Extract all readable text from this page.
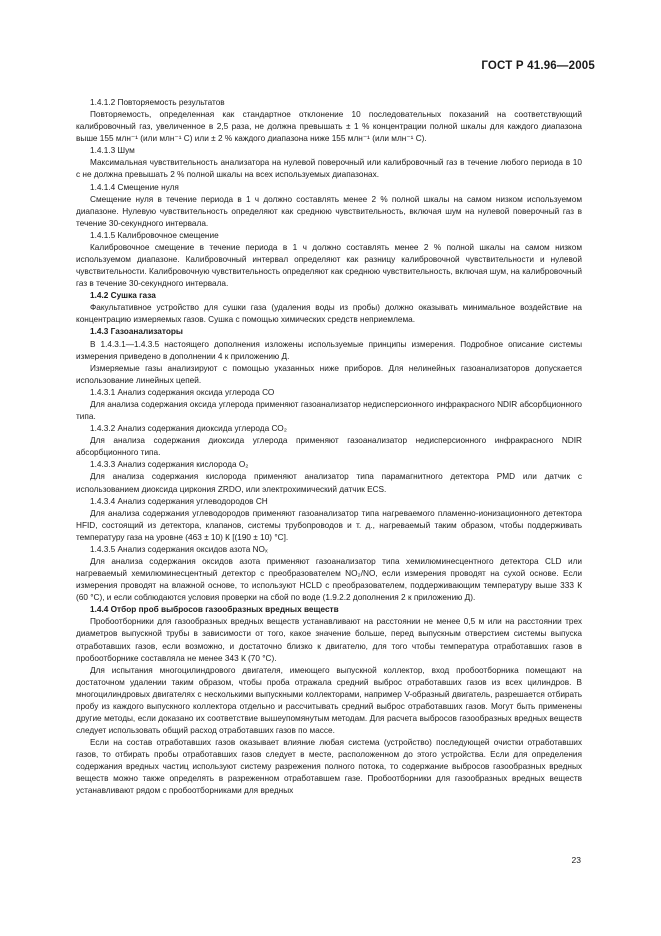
ГОСТ Р 41.96—2005

1.4.1.2 Повторяемость результатов

Повторяемость, определенная как стандартное отклонение 10 последовательных показаний на соответствующий калибровочный газ, увеличенное в 2,5 раза, не должна превышать ± 1 % концентрации полной шкалы для каждого диапазона выше 155 млн⁻¹ (или млн⁻¹ С) или ± 2 % каждого диапазона ниже 155 млн⁻¹ (или млн⁻¹ С).

1.4.1.3 Шум

Максимальная чувствительность анализатора на нулевой поверочный или калибровочный газ в течение любого периода в 10 с не должна превышать 2 % полной шкалы на всех используемых диапазонах.

1.4.1.4 Смещение нуля

Смещение нуля в течение периода в 1 ч должно составлять менее 2 % полной шкалы на самом низком используемом диапазоне. Нулевую чувствительность определяют как среднюю чувствительность, включая шум на нулевой поверочный газ в течение 30-секундного интервала.

1.4.1.5 Калибровочное смещение

Калибровочное смещение в течение периода в 1 ч должно составлять менее 2 % полной шкалы на самом низком используемом диапазоне. Калибровочный интервал определяют как разницу калибровочной чувствительности и нулевой чувствительности. Калибровочную чувствительность определяют как среднюю чувствительность, включая шум, на калибровочный газ в течение 30-секундного интервала.

1.4.2 Сушка газа

Факультативное устройство для сушки газа (удаления воды из пробы) должно оказывать минимальное воздействие на концентрацию измеряемых газов. Сушка с помощью химических средств неприемлема.

1.4.3 Газоанализаторы

В 1.4.3.1—1.4.3.5 настоящего дополнения изложены используемые принципы измерения. Подробное описание системы измерения приведено в дополнении 4 к приложению Д.

Измеряемые газы анализируют с помощью указанных ниже приборов. Для нелинейных газоанализаторов допускается использование линейных цепей.

1.4.3.1 Анализ содержания оксида углерода СО

Для анализа содержания оксида углерода применяют газоанализатор недисперсионного инфракрасного NDIR абсорбционного типа.

1.4.3.2 Анализ содержания диоксида углерода СО₂

Для анализа содержания диоксида углерода применяют газоанализатор недисперсионного инфракрасного NDIR абсорбционного типа.

1.4.3.3 Анализ содержания кислорода О₂

Для анализа содержания кислорода применяют анализатор типа парамагнитного детектора PMD или датчик с использованием диоксида циркония ZRDO, или электрохимический датчик ECS.

1.4.3.4 Анализ содержания углеводородов СН

Для анализа содержания углеводородов применяют газоанализатор типа нагреваемого пламенно-ионизационного детектора HFID, состоящий из детектора, клапанов, системы трубопроводов и т. д., нагреваемый таким образом, чтобы поддерживать температуру газа на уровне (463 ± 10) К [(190 ± 10) °С].

1.4.3.5 Анализ содержания оксидов азота NOₓ

Для анализа содержания оксидов азота применяют газоанализатор типа хемилюминесцентного детектора CLD или нагреваемый хемилюминесцентный детектор с преобразователем NO₂/NO, если измерения проводят на сухой основе. Если измерения проводят на влажной основе, то используют HCLD с преобразователем, поддерживающим температуру выше 333 К (60 °С), и если соблюдаются условия проверки на сбой по воде (1.9.2.2 дополнения 2 к приложению Д).

1.4.4 Отбор проб выбросов газообразных вредных веществ

Пробоотборники для газообразных вредных веществ устанавливают на расстоянии не менее 0,5 м или на расстоянии трех диаметров выпускной трубы в зависимости от того, какое значение больше, перед выпускным отверстием системы выпуска отработавших газов, если возможно, и достаточно близко к двигателю, для того чтобы температура отработавших газов в пробоотборнике составляла не менее 343 К (70 °С).

Для испытания многоцилиндрового двигателя, имеющего выпускной коллектор, вход пробоотборника помещают на достаточном удалении таким образом, чтобы проба отражала средний выброс отработавших газов из всех цилиндров. В многоцилиндровых двигателях с несколькими выпускными коллекторами, например V-образный двигатель, разрешается отбирать пробу из каждого выпускного коллектора отдельно и рассчитывать средний выброс отработавших газов. Могут быть применены другие методы, если доказано их соответствие вышеупомянутым методам. Для расчета выбросов газообразных вредных веществ следует использовать общий расход отработавших газов по массе.

Если на состав отработавших газов оказывает влияние любая система (устройство) последующей очистки отработавших газов, то отбирать пробы отработавших газов следует в месте, расположенном до этого устройства. Если для определения содержания вредных частиц используют систему разрежения полного потока, то содержание выбросов газообразных вредных веществ можно также определять в разреженном отработавшем газе. Пробоотборники для газообразных вредных веществ устанавливают рядом с пробоотборниками для вредных

23
